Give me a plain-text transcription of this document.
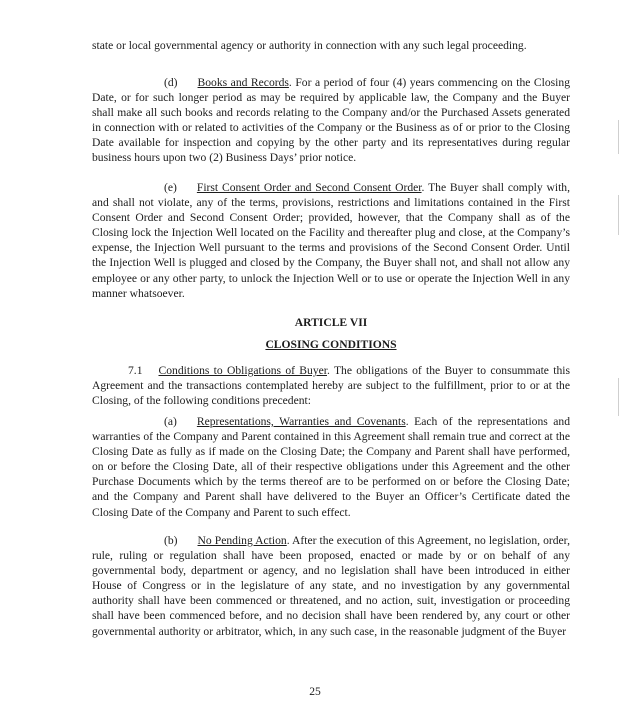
state or local governmental agency or authority in connection with any such legal proceeding.

(d) Books and Records. For a period of four (4) years commencing on the Closing Date, or for such longer period as may be required by applicable law, the Company and the Buyer shall make all such books and records relating to the Company and/or the Purchased Assets generated in connection with or related to activities of the Company or the Business as of or prior to the Closing Date available for inspection and copying by the other party and its representatives during regular business hours upon two (2) Business Days’ prior notice.

(e) First Consent Order and Second Consent Order. The Buyer shall comply with, and shall not violate, any of the terms, provisions, restrictions and limitations contained in the First Consent Order and Second Consent Order; provided, however, that the Company shall as of the Closing lock the Injection Well located on the Facility and thereafter plug and close, at the Company’s expense, the Injection Well pursuant to the terms and provisions of the Second Consent Order. Until the Injection Well is plugged and closed by the Company, the Buyer shall not, and shall not allow any employee or any other party, to unlock the Injection Well or to use or operate the Injection Well in any manner whatsoever.

ARTICLE VII
CLOSING CONDITIONS

7.1 Conditions to Obligations of Buyer. The obligations of the Buyer to consummate this Agreement and the transactions contemplated hereby are subject to the fulfillment, prior to or at the Closing, of the following conditions precedent:

(a) Representations, Warranties and Covenants. Each of the representations and warranties of the Company and Parent contained in this Agreement shall remain true and correct at the Closing Date as fully as if made on the Closing Date; the Company and Parent shall have performed, on or before the Closing Date, all of their respective obligations under this Agreement and the other Purchase Documents which by the terms thereof are to be performed on or before the Closing Date; and the Company and Parent shall have delivered to the Buyer an Officer’s Certificate dated the Closing Date of the Company and Parent to such effect.

(b) No Pending Action. After the execution of this Agreement, no legislation, order, rule, ruling or regulation shall have been proposed, enacted or made by or on behalf of any governmental body, department or agency, and no legislation shall have been introduced in either House of Congress or in the legislature of any state, and no investigation by any governmental authority shall have been commenced or threatened, and no action, suit, investigation or proceeding shall have been commenced before, and no decision shall have been rendered by, any court or other governmental authority or arbitrator, which, in any such case, in the reasonable judgment of the Buyer

25
